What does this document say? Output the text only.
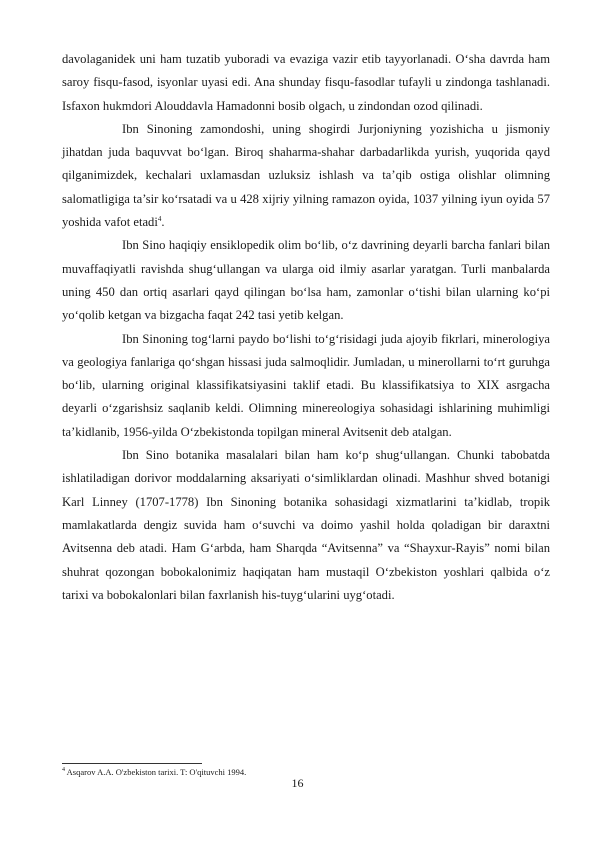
davolaganidek uni ham tuzatib yuboradi va evaziga vazir etib tayyorlanadi. O‘sha davrda ham saroy fisqu-fasod, isyonlar uyasi edi. Ana shunday fisqu-fasodlar tufayli u zindonga tashlanadi. Isfaxon hukmdori Alouddavla Hamadonni bosib olgach, u zindondan ozod qilinadi.

Ibn Sinoning zamondoshi, uning shogirdi Jurjoniyning yozishicha u jismoniy jihatdan juda baquvvat bo‘lgan. Biroq shaharma-shahar darbadarlikda yurish, yuqorida qayd qilganimizdek, kechalari uxlamasdan uzluksiz ishlash va ta’qib ostiga olishlar olimning salomatligiga ta’sir ko‘rsatadi va u 428 xijriy yilning ramazon oyida, 1037 yilning iyun oyida 57 yoshida vafot etadi$^4$.

Ibn Sino haqiqiy ensiklopedik olim bo‘lib, o‘z davrining deyarli barcha fanlari bilan muvaffaqiyatli ravishda shug‘ullangan va ularga oid ilmiy asarlar yaratgan. Turli manbalarda uning 450 dan ortiq asarlari qayd qilingan bo‘lsa ham, zamonlar o‘tishi bilan ularning ko‘pi yo‘qolib ketgan va bizgacha faqat 242 tasi yetib kelgan.

Ibn Sinoning tog‘larni paydo bo‘lishi to‘g‘risidagi juda ajoyib fikrlari, minerologiya va geologiya fanlariga qo‘shgan hissasi juda salmoqlidir. Jumladan, u minerollarni to‘rt guruhga bo‘lib, ularning original klassifikatsiyasini taklif etadi. Bu klassifikatsiya to XIX asrgacha deyarli o‘zgarishsiz saqlanib keldi. Olimning minereologiya sohasidagi ishlarining muhimligi ta’kidlanib, 1956-yilda O‘zbekistonda topilgan mineral Avitsenit deb atalgan.

Ibn Sino botanika masalalari bilan ham ko‘p shug‘ullangan. Chunki tabobatda ishlatiladigan dorivor moddalarning aksariyati o‘simliklardan olinadi. Mashhur shved botanigi Karl Linney (1707-1778) Ibn Sinoning botanika sohasidagi xizmatlarini ta’kidlab, tropik mamlakatlarda dengiz suvida ham o‘suvchi va doimo yashil holda qoladigan bir daraxtni Avitsenna deb atadi. Ham G‘arbda, ham Sharqda “Avitsenna” va “Shayxur-Rayis” nomi bilan shuhrat qozongan bobokalonimiz haqiqatan ham mustaqil O‘zbekiston yoshlari qalbida o‘z tarixi va bobokalonlari bilan faxrlanish his-tuyg‘ularini uyg‘otadi.

$^4$ Asqarov A.A. O'zbekiston tarixi. T: O'qituvchi 1994.
16
